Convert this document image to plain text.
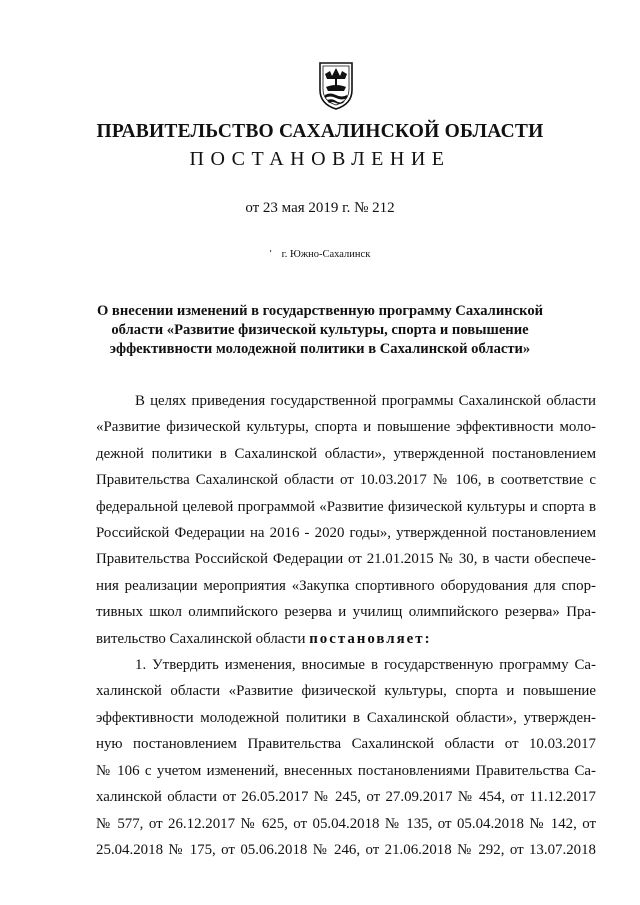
ПРАВИТЕЛЬСТВО САХАЛИНСКОЙ ОБЛАСТИ
ПОСТАНОВЛЕНИЕ
от 23 мая 2019 г. № 212
' г. Южно-Сахалинск
О внесении изменений в государственную программу Сахалинской
области «Развитие физической культуры, спорта и повышение
эффективности молодежной политики в Сахалинской области»
В целях приведения государственной программы Сахалинской области
«Развитие физической культуры, спорта и повышение эффективности моло-
дежной политики в Сахалинской области», утвержденной постановлением
Правительства Сахалинской области от 10.03.2017 № 106, в соответствие с
федеральной целевой программой «Развитие физической культуры и спорта в
Российской Федерации на 2016 - 2020 годы», утвержденной постановлением
Правительства Российской Федерации от 21.01.2015 № 30, в части обеспече-
ния реализации мероприятия «Закупка спортивного оборудования для спор-
тивных школ олимпийского резерва и училищ олимпийского резерва» Пра-
вительство Сахалинской области постановляет:
1. Утвердить изменения, вносимые в государственную программу Са-
халинской области «Развитие физической культуры, спорта и повышение
эффективности молодежной политики в Сахалинской области», утвержден-
ную постановлением Правительства Сахалинской области от 10.03.2017
№ 106 с учетом изменений, внесенных постановлениями Правительства Са-
халинской области от 26.05.2017 № 245, от 27.09.2017 № 454, от 11.12.2017
№ 577, от 26.12.2017 № 625, от 05.04.2018 № 135, от 05.04.2018 № 142, от
25.04.2018 № 175, от 05.06.2018 № 246, от 21.06.2018 № 292, от 13.07.2018
